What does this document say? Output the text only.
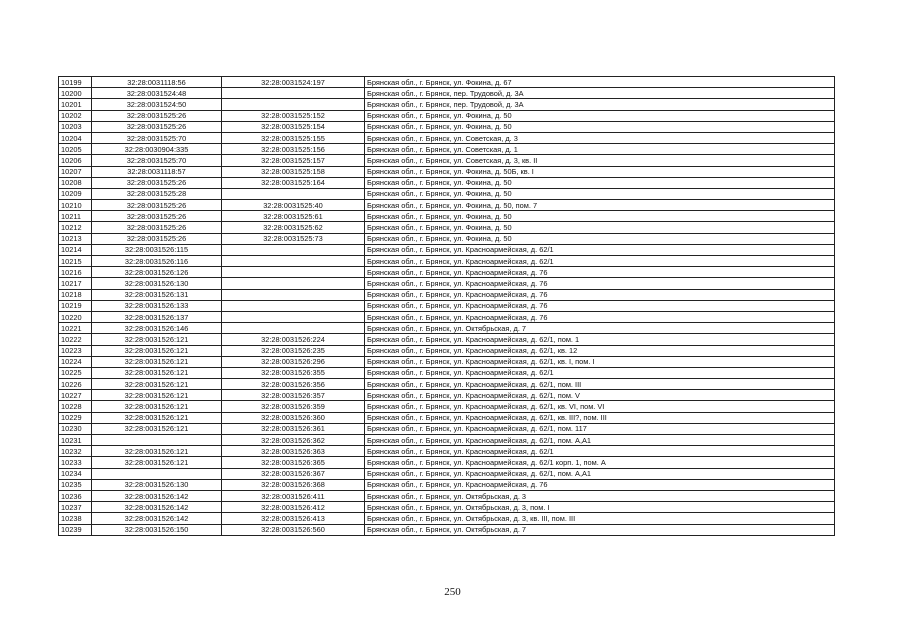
10199	32:28:0031118:56	32:28:0031524:197	Брянская обл., г. Брянск, ул. Фокина, д. 67
10200	32:28:0031524:48		Брянская обл., г. Брянск, пер. Трудовой, д. 3А
10201	32:28:0031524:50		Брянская обл., г. Брянск, пер. Трудовой, д. 3А
10202	32:28:0031525:26	32:28:0031525:152	Брянская обл., г. Брянск, ул. Фокина, д. 50
10203	32:28:0031525:26	32:28:0031525:154	Брянская обл., г. Брянск, ул. Фокина, д. 50
10204	32:28:0031525:70	32:28:0031525:155	Брянская обл., г. Брянск, ул. Советская, д. 3
10205	32:28:0030904:335	32:28:0031525:156	Брянская обл., г. Брянск, ул. Советская, д. 1
10206	32:28:0031525:70	32:28:0031525:157	Брянская обл., г. Брянск, ул. Советская, д. 3, кв. II
10207	32:28:0031118:57	32:28:0031525:158	Брянская обл., г. Брянск, ул. Фокина, д. 50Б, кв. I
10208	32:28:0031525:26	32:28:0031525:164	Брянская обл., г. Брянск, ул. Фокина, д. 50
10209	32:28:0031525:28		Брянская обл., г. Брянск, ул. Фокина, д. 50
10210	32:28:0031525:26	32:28:0031525:40	Брянская обл., г. Брянск, ул. Фокина, д. 50, пом. 7
10211	32:28:0031525:26	32:28:0031525:61	Брянская обл., г. Брянск, ул. Фокина, д. 50
10212	32:28:0031525:26	32:28:0031525:62	Брянская обл., г. Брянск, ул. Фокина, д. 50
10213	32:28:0031525:26	32:28:0031525:73	Брянская обл., г. Брянск, ул. Фокина, д. 50
10214	32:28:0031526:115		Брянская обл., г. Брянск, ул. Красноармейская, д. 62/1
10215	32:28:0031526:116		Брянская обл., г. Брянск, ул. Красноармейская, д. 62/1
10216	32:28:0031526:126		Брянская обл., г. Брянск, ул. Красноармейская, д. 76
10217	32:28:0031526:130		Брянская обл., г. Брянск, ул. Красноармейская, д. 76
10218	32:28:0031526:131		Брянская обл., г. Брянск, ул. Красноармейская, д. 76
10219	32:28:0031526:133		Брянская обл., г. Брянск, ул. Красноармейская, д. 76
10220	32:28:0031526:137		Брянская обл., г. Брянск, ул. Красноармейская, д. 76
10221	32:28:0031526:146		Брянская обл., г. Брянск, ул. Октябрьская, д. 7
10222	32:28:0031526:121	32:28:0031526:224	Брянская обл., г. Брянск, ул. Красноармейская, д. 62/1, пом. 1
10223	32:28:0031526:121	32:28:0031526:235	Брянская обл., г. Брянск, ул. Красноармейская, д. 62/1, кв. 12
10224	32:28:0031526:121	32:28:0031526:296	Брянская обл., г. Брянск, ул. Красноармейская, д. 62/1, кв. I, пом. I
10225	32:28:0031526:121	32:28:0031526:355	Брянская обл., г. Брянск, ул. Красноармейская, д. 62/1
10226	32:28:0031526:121	32:28:0031526:356	Брянская обл., г. Брянск, ул. Красноармейская, д. 62/1, пом. III
10227	32:28:0031526:121	32:28:0031526:357	Брянская обл., г. Брянск, ул. Красноармейская, д. 62/1, пом. V
10228	32:28:0031526:121	32:28:0031526:359	Брянская обл., г. Брянск, ул. Красноармейская, д. 62/1, кв. VI, пом. VI
10229	32:28:0031526:121	32:28:0031526:360	Брянская обл., г. Брянск, ул. Красноармейская, д. 62/1, кв. III?, пом. III
10230	32:28:0031526:121	32:28:0031526:361	Брянская обл., г. Брянск, ул. Красноармейская, д. 62/1, пом. 117
10231		32:28:0031526:362	Брянская обл., г. Брянск, ул. Красноармейская, д. 62/1, пом. А,А1
10232	32:28:0031526:121	32:28:0031526:363	Брянская обл., г. Брянск, ул. Красноармейская, д. 62/1
10233	32:28:0031526:121	32:28:0031526:365	Брянская обл., г. Брянск, ул. Красноармейская, д. 62/1 корп. 1, пом. А
10234		32:28:0031526:367	Брянская обл., г. Брянск, ул. Красноармейская, д. 62/1, пом. А,А1
10235	32:28:0031526:130	32:28:0031526:368	Брянская обл., г. Брянск, ул. Красноармейская, д. 76
10236	32:28:0031526:142	32:28:0031526:411	Брянская обл., г. Брянск, ул. Октябрьская, д. 3
10237	32:28:0031526:142	32:28:0031526:412	Брянская обл., г. Брянск, ул. Октябрьская, д. 3, пом. I
10238	32:28:0031526:142	32:28:0031526:413	Брянская обл., г. Брянск, ул. Октябрьская, д. 3, кв. III, пом. III
10239	32:28:0031526:150	32:28:0031526:560	Брянская обл., г. Брянск, ул. Октябрьская, д. 7
250
